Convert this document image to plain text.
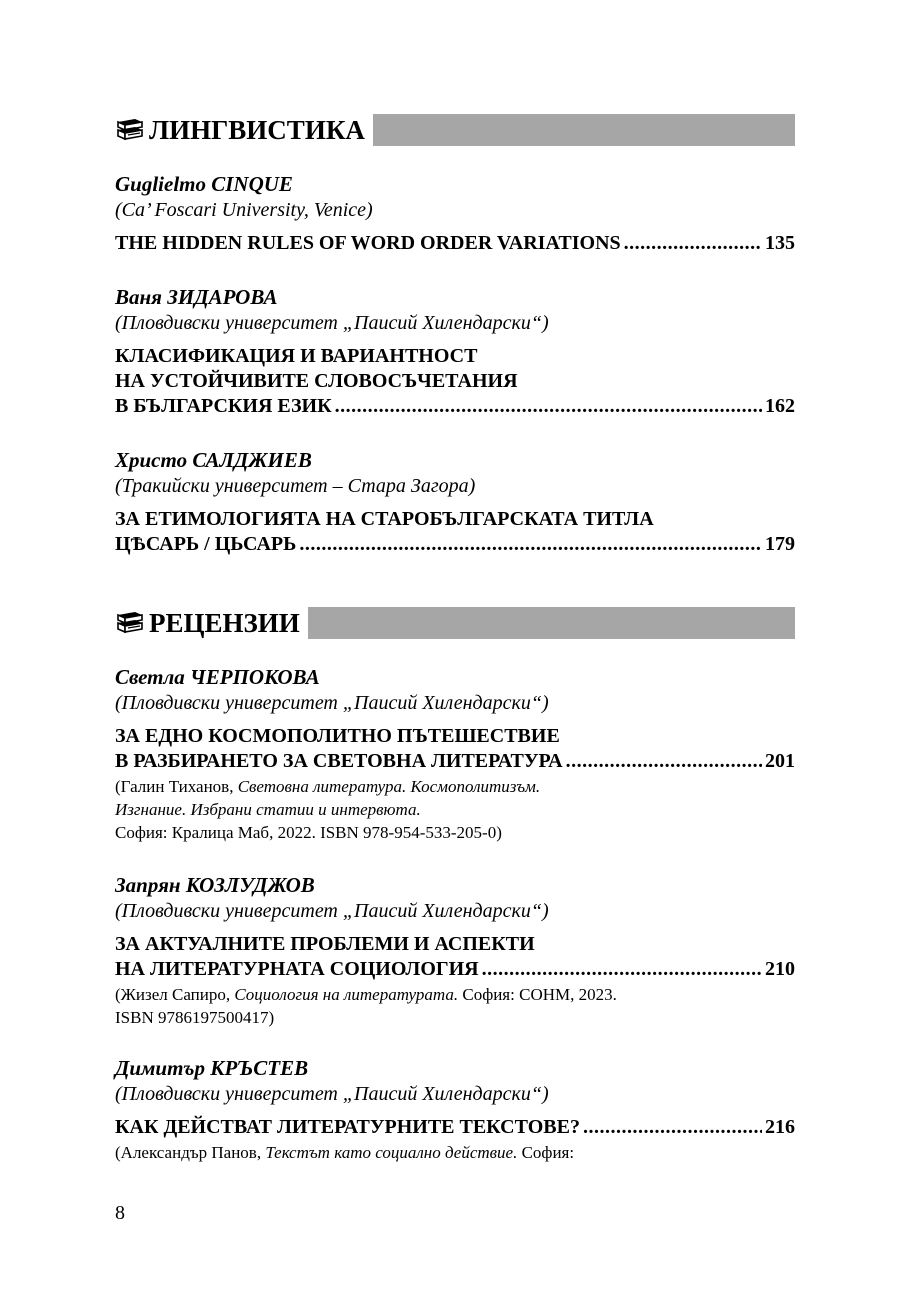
ЛИНГВИСТИКА
Guglielmo CINQUE
(Ca’ Foscari University, Venice)
THE HIDDEN RULES OF WORD ORDER VARIATIONS .....	135
Ваня ЗИДАРОВА
(Пловдивски университет „Паисий Хилендарски“)
КЛАСИФИКАЦИЯ И ВАРИАНТНОСТ
НА УСТОЙЧИВИТЕ СЛОВОСЪЧЕТАНИЯ
В БЪЛГАРСКИЯ ЕЗИК .....	162
Христо САЛДЖИЕВ
(Тракийски университет – Стара Загора)
ЗА ЕТИМОЛОГИЯТА НА СТАРОБЪЛГАРСКАТА ТИТЛА
ЦѢСАРЬ / ЦЬСАРЬ .....	179
РЕЦЕНЗИИ
Светла ЧЕРПОКОВА
(Пловдивски университет „Паисий Хилендарски“)
ЗА ЕДНО КОСМОПОЛИТНО ПЪТЕШЕСТВИЕ
В РАЗБИРАНЕТО ЗА СВЕТОВНА ЛИТЕРАТУРА .....	201
(Галин Тиханов, Световна литература. Космополитизъм.
Изгнание. Избрани статии и интервюта.
София: Кралица Маб, 2022. ISBN 978-954-533-205-0)
Запрян КОЗЛУДЖОВ
(Пловдивски университет „Паисий Хилендарски“)
ЗА АКТУАЛНИТЕ ПРОБЛЕМИ И АСПЕКТИ
НА ЛИТЕРАТУРНАТА СОЦИОЛОГИЯ .....	210
(Жизел Сапиро, Социология на литературата. София: СОНМ, 2023.
ISBN 9786197500417)
Димитър КРЪСТЕВ
(Пловдивски университет „Паисий Хилендарски“)
КАК ДЕЙСТВАТ ЛИТЕРАТУРНИТЕ ТЕКСТОВЕ? .....	216
(Александър Панов, Текстът като социално действие. София:
8
